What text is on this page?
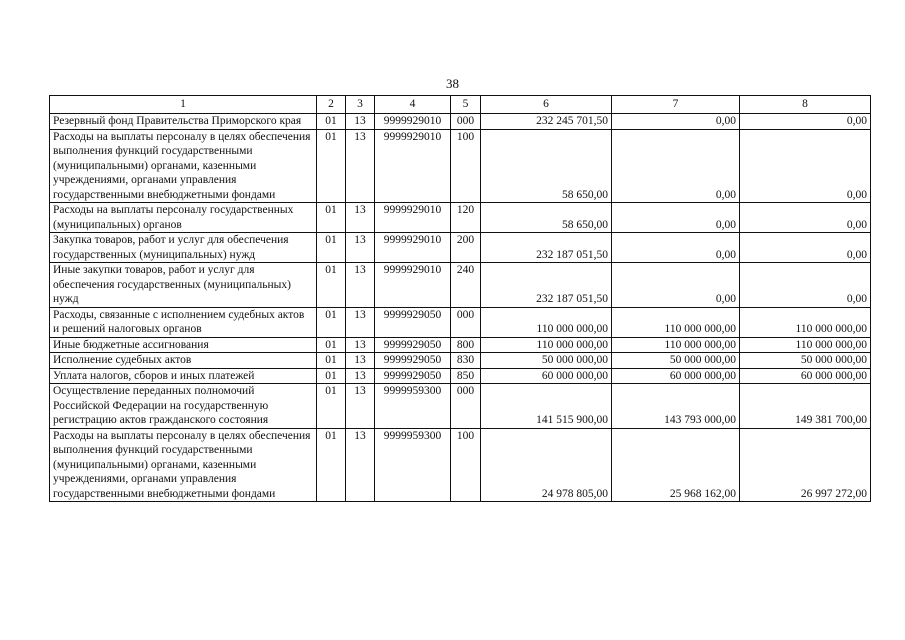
38
1	2	3	4	5	6	7	8
Резервный фонд Правительства Приморского края	01	13	9999929010	000	232 245 701,50	0,00	0,00
Расходы на выплаты персоналу в целях обеспечения выполнения функций государственными (муниципальными) органами, казенными учреждениями, органами управления государственными внебюджетными фондами	01	13	9999929010	100	58 650,00	0,00	0,00
Расходы на выплаты персоналу государственных (муниципальных) органов	01	13	9999929010	120	58 650,00	0,00	0,00
Закупка товаров, работ и услуг для обеспечения государственных (муниципальных) нужд	01	13	9999929010	200	232 187 051,50	0,00	0,00
Иные закупки товаров, работ и услуг для обеспечения государственных (муниципальных) нужд	01	13	9999929010	240	232 187 051,50	0,00	0,00
Расходы, связанные с исполнением судебных актов и решений налоговых органов	01	13	9999929050	000	110 000 000,00	110 000 000,00	110 000 000,00
Иные бюджетные ассигнования	01	13	9999929050	800	110 000 000,00	110 000 000,00	110 000 000,00
Исполнение судебных актов	01	13	9999929050	830	50 000 000,00	50 000 000,00	50 000 000,00
Уплата налогов, сборов и иных платежей	01	13	9999929050	850	60 000 000,00	60 000 000,00	60 000 000,00
Осуществление переданных полномочий Российской Федерации на государственную регистрацию актов гражданского состояния	01	13	9999959300	000	141 515 900,00	143 793 000,00	149 381 700,00
Расходы на выплаты персоналу в целях обеспечения выполнения функций государственными (муниципальными) органами, казенными учреждениями, органами управления государственными внебюджетными фондами	01	13	9999959300	100	24 978 805,00	25 968 162,00	26 997 272,00
